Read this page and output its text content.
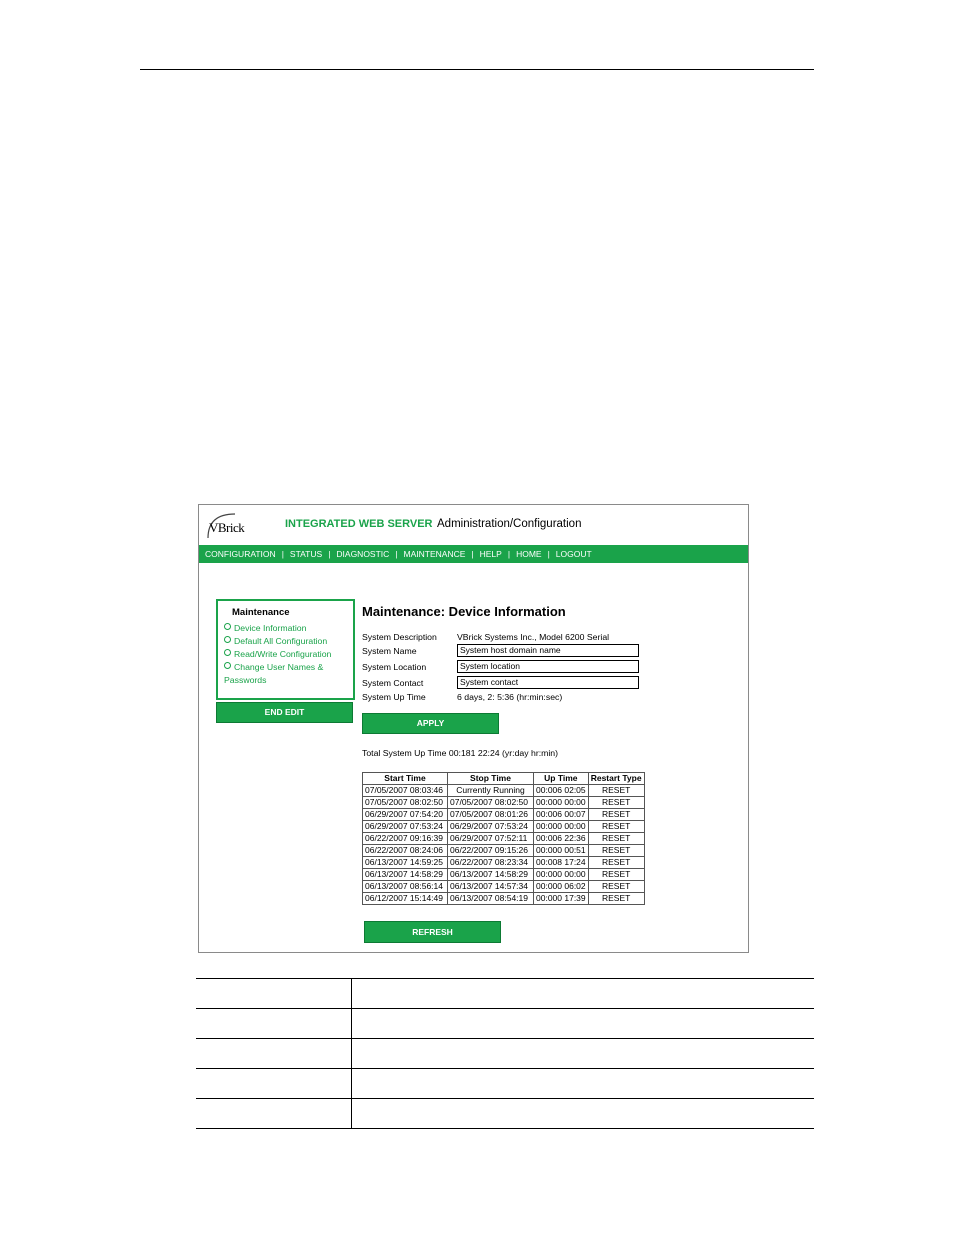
VBrick	INTEGRATED WEB SERVER Administration/Configuration
CONFIGURATION | STATUS | DIAGNOSTIC | MAINTENANCE | HELP | HOME | LOGOUT
Maintenance
Device Information
Default All Configuration
Read/Write Configuration
Change User Names & Passwords
END EDIT
Maintenance: Device Information
System Description VBrick Systems Inc., Model 6200 Serial
System Name	System host domain name
System Location	System location
System Contact	System contact
System Up Time	6 days, 2: 5:36 (hr:min:sec)
APPLY
Total System Up Time 00:181 22:24 (yr:day hr:min)
Start Time	Stop Time	Up Time	Restart Type
07/05/2007 08:03:46	Currently Running	00:006 02:05	RESET
07/05/2007 08:02:50	07/05/2007 08:02:50	00:000 00:00	RESET
06/29/2007 07:54:20	07/05/2007 08:01:26	00:006 00:07	RESET
06/29/2007 07:53:24	06/29/2007 07:53:24	00:000 00:00	RESET
06/22/2007 09:16:39	06/29/2007 07:52:11	00:006 22:36	RESET
06/22/2007 08:24:06	06/22/2007 09:15:26	00:000 00:51	RESET
06/13/2007 14:59:25	06/22/2007 08:23:34	00:008 17:24	RESET
06/13/2007 14:58:29	06/13/2007 14:58:29	00:000 00:00	RESET
06/13/2007 08:56:14	06/13/2007 14:57:34	00:000 06:02	RESET
06/12/2007 15:14:49	06/13/2007 08:54:19	00:000 17:39	RESET
REFRESH
